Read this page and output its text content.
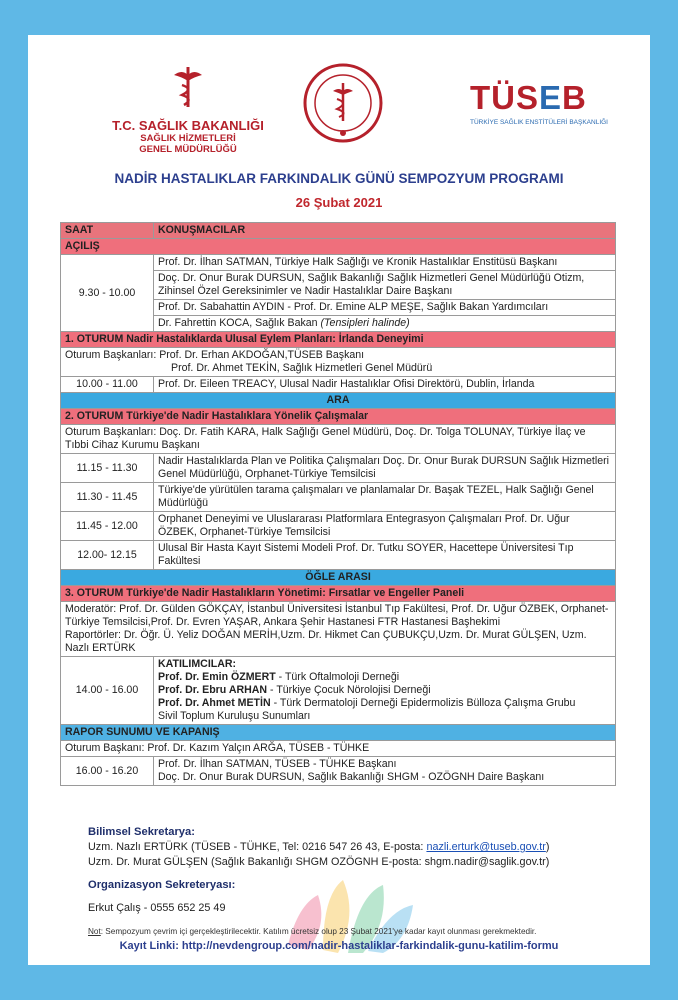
T.C. SAĞLIK BAKANLIĞI
SAĞLIK HİZMETLERİ
GENEL MÜDÜRLÜĞÜ
TÜSEB
TÜRKİYE SAĞLIK ENSTİTÜLERİ BAŞKANLIĞI
NADİR HASTALIKLAR FARKINDALIK GÜNÜ SEMPOZYUM PROGRAMI
26 Şubat 2021
SAAT	KONUŞMACILAR
AÇILIŞ	
9.30 - 10.00	Prof. Dr. İlhan SATMAN, Türkiye Halk Sağlığı ve Kronik Hastalıklar Enstitüsü Başkanı
	Doç. Dr. Onur Burak DURSUN, Sağlık Bakanlığı Sağlık Hizmetleri Genel Müdürlüğü Otizm, Zihinsel Özel Gereksinimler ve Nadir Hastalıklar Daire Başkanı
	Prof. Dr. Sabahattin AYDIN - Prof. Dr. Emine ALP MEŞE, Sağlık Bakan Yardımcıları
	Dr. Fahrettin KOCA, Sağlık Bakan (Tensipleri halinde)
1. OTURUM Nadir Hastalıklarda Ulusal Eylem Planları: İrlanda Deneyimi	

Oturum Başkanları: Prof. Dr. Erhan AKDOĞAN,TÜSEB Başkanı
Prof. Dr. Ahmet TEKİN, Sağlık Hizmetleri Genel Müdürü	

10.00 - 11.00	Prof. Dr. Eileen TREACY, Ulusal Nadir Hastalıklar Ofisi Direktörü, Dublin, İrlanda
ARA	
2. OTURUM Türkiye'de Nadir Hastalıklara Yönelik Çalışmalar	
Oturum Başkanları: Doç. Dr. Fatih KARA, Halk Sağlığı Genel Müdürü, Doç. Dr. Tolga TOLUNAY, Türkiye İlaç ve Tıbbi Cihaz Kurumu Başkanı	
11.15 - 11.30	Nadir Hastalıklarda Plan ve Politika Çalışmaları Doç. Dr. Onur Burak DURSUN Sağlık Hizmetleri Genel Müdürlüğü, Orphanet-Türkiye Temsilcisi
11.30 - 11.45	Türkiye'de yürütülen tarama çalışmaları ve planlamalar Dr. Başak TEZEL, Halk Sağlığı Genel Müdürlüğü
11.45 - 12.00	Orphanet Deneyimi ve Uluslararası Platformlara Entegrasyon Çalışmaları Prof. Dr. Uğur ÖZBEK, Orphanet-Türkiye Temsilcisi
12.00- 12.15	Ulusal Bir Hasta Kayıt Sistemi Modeli Prof. Dr. Tutku SOYER, Hacettepe Üniversitesi Tıp Fakültesi
ÖĞLE ARASI	
3. OTURUM Türkiye'de Nadir Hastalıkların Yönetimi: Fırsatlar ve Engeller Paneli	

Moderatör: Prof. Dr. Gülden GÖKÇAY, İstanbul Üniversitesi İstanbul Tıp Fakültesi, Prof. Dr. Uğur ÖZBEK, Orphanet-Türkiye Temsilcisi,Prof. Dr. Evren YAŞAR, Ankara Şehir Hastanesi FTR Hastanesi Başhekimi
Raportörler: Dr. Öğr. Ü. Yeliz DOĞAN MERİH,Uzm. Dr. Hikmet Can ÇUBUKÇU,Uzm. Dr. Murat GÜLŞEN, Uzm. Nazlı ERTÜRK	

14.00 - 16.00	KATILIMCILAR:
Prof. Dr. Emin ÖZMERT - Türk Oftalmoloji Derneği
Prof. Dr. Ebru ARHAN - Türkiye Çocuk Nörolojisi Derneği
Prof. Dr. Ahmet METİN - Türk Dermatoloji Derneği Epidermolizis Bülloza Çalışma Grubu
Sivil Toplum Kuruluşu Sunumları

RAPOR SUNUMU VE KAPANIŞ	
Oturum Başkanı: Prof. Dr. Kazım Yalçın ARĞA, TÜSEB - TÜHKE	
16.00 - 16.20	Prof. Dr. İlhan SATMAN, TÜSEB - TÜHKE Başkanı
Doç. Dr. Onur Burak DURSUN, Sağlık Bakanlığı SHGM - OZÖGNH Daire Başkanı
Bilimsel Sekretarya:
Uzm. Nazlı ERTÜRK (TÜSEB - TÜHKE, Tel: 0216 547 26 43, E-posta: nazli.erturk@tuseb.gov.tr)
Uzm. Dr. Murat GÜLŞEN (Sağlık Bakanlığı SHGM OZÖGNH E-posta: shgm.nadir@saglik.gov.tr)
Organizasyon Sekreteryası:
Erkut Çalış - 0555 652 25 49
Not: Sempozyum çevrim içi gerçekleştirilecektir. Katılım ücretsiz olup 23 Şubat 2021'ye kadar kayıt olunması gerekmektedir.
Kayıt Linki: http://nevdengroup.com/nadir-hastaliklar-farkindalik-gunu-katilim-formu
